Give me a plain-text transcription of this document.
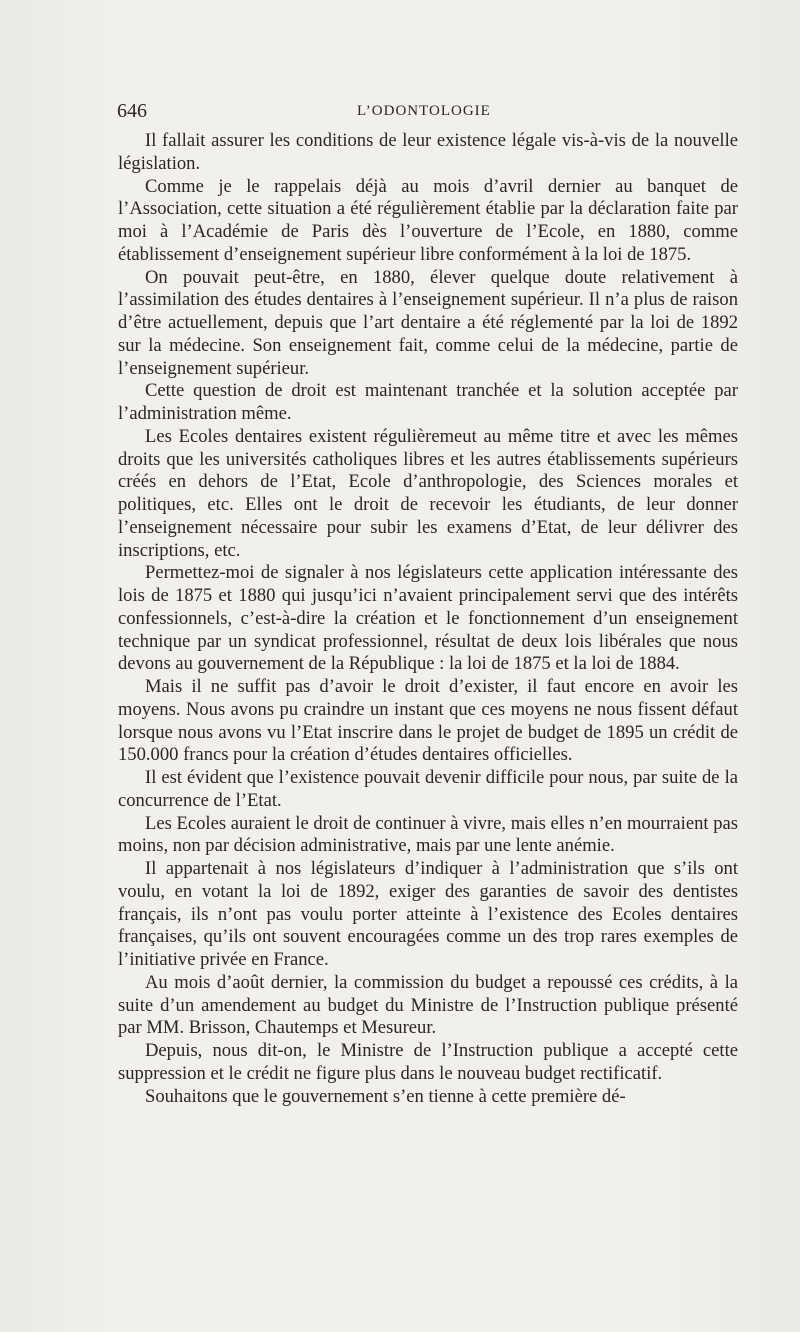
646	L’ODONTOLOGIE

Il fallait assurer les conditions de leur existence légale vis-à-vis de la nouvelle législation.

Comme je le rappelais déjà au mois d’avril dernier au banquet de l’Association, cette situation a été régulièrement établie par la déclaration faite par moi à l’Académie de Paris dès l’ouverture de l’Ecole, en 1880, comme établissement d’enseignement supérieur libre conformément à la loi de 1875.

On pouvait peut-être, en 1880, élever quelque doute relativement à l’assimilation des études dentaires à l’enseignement supérieur. Il n’a plus de raison d’être actuellement, depuis que l’art dentaire a été réglementé par la loi de 1892 sur la médecine. Son enseignement fait, comme celui de la médecine, partie de l’enseignement supérieur.

Cette question de droit est maintenant tranchée et la solution acceptée par l’administration même.

Les Ecoles dentaires existent régulièremeut au même titre et avec les mêmes droits que les universités catholiques libres et les autres établissements supérieurs créés en dehors de l’Etat, Ecole d’anthropologie, des Sciences morales et politiques, etc. Elles ont le droit de recevoir les étudiants, de leur donner l’enseignement nécessaire pour subir les examens d’Etat, de leur délivrer des inscriptions, etc.

Permettez-moi de signaler à nos législateurs cette application intéressante des lois de 1875 et 1880 qui jusqu’ici n’avaient principalement servi que des intérêts confessionnels, c’est-à-dire la création et le fonctionnement d’un enseignement technique par un syndicat professionnel, résultat de deux lois libérales que nous devons au gouvernement de la République : la loi de 1875 et la loi de 1884.

Mais il ne suffit pas d’avoir le droit d’exister, il faut encore en avoir les moyens. Nous avons pu craindre un instant que ces moyens ne nous fissent défaut lorsque nous avons vu l’Etat inscrire dans le projet de budget de 1895 un crédit de 150.000 francs pour la création d’études dentaires officielles.

Il est évident que l’existence pouvait devenir difficile pour nous, par suite de la concurrence de l’Etat.

Les Ecoles auraient le droit de continuer à vivre, mais elles n’en mourraient pas moins, non par décision administrative, mais par une lente anémie.

Il appartenait à nos législateurs d’indiquer à l’administration que s’ils ont voulu, en votant la loi de 1892, exiger des garanties de savoir des dentistes français, ils n’ont pas voulu porter atteinte à l’existence des Ecoles dentaires françaises, qu’ils ont souvent encouragées comme un des trop rares exemples de l’initiative privée en France.

Au mois d’août dernier, la commission du budget a repoussé ces crédits, à la suite d’un amendement au budget du Ministre de l’Instruction publique présenté par MM. Brisson, Chautemps et Mesureur.

Depuis, nous dit-on, le Ministre de l’Instruction publique a accepté cette suppression et le crédit ne figure plus dans le nouveau budget rectificatif.

Souhaitons que le gouvernement s’en tienne à cette première dé-
